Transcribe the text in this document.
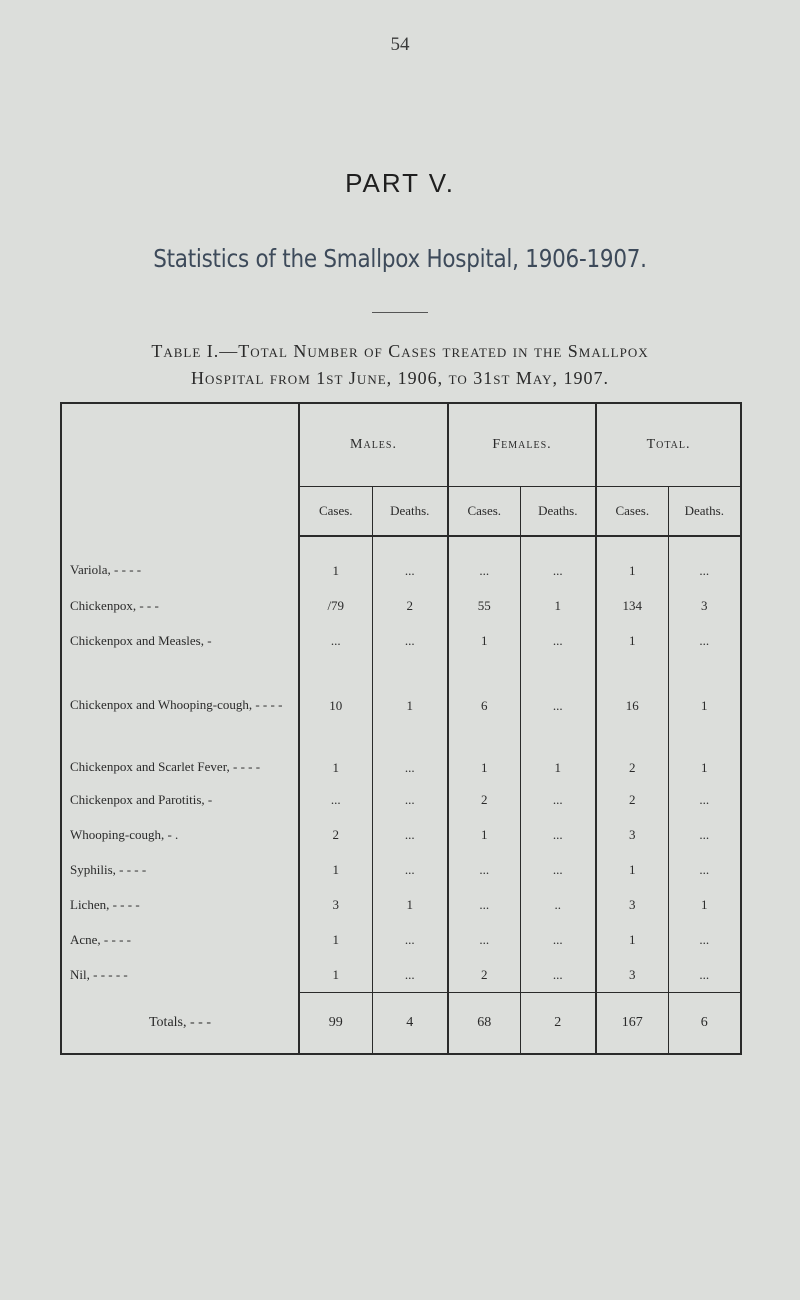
54
PART V.
Statistics of the Smallpox Hospital, 1906-1907.
Table I.—Total Number of Cases treated in the Smallpox
Hospital from 1st June, 1906, to 31st May, 1907.
	Males.		Females.		Total.	
	Cases.	Deaths.	Cases.	Deaths.	Cases.	Deaths.
Variola, - - - -	1	...	...	...	1	...
Chickenpox, - - -	/79	2	55	1	134	3
Chickenpox and Measles, -	...	...	1	...	1	...
Chickenpox and Whooping-cough, - - - -	10	1	6	...	16	1
Chickenpox and Scarlet Fever, - - - -	1	...	1	1	2	1
Chickenpox and Parotitis, -	...	...	2	...	2	...
Whooping-cough, - .	2	...	1	...	3	...
Syphilis, - - - -	1	...	...	...	1	...
Lichen, - - - -	3	1	...	..	3	1
Acne, - - - -	1	...	...	...	1	...
Nil, - - - - -	1	...	2	...	3	...
Totals, - - -	99	4	68	2	167	6
